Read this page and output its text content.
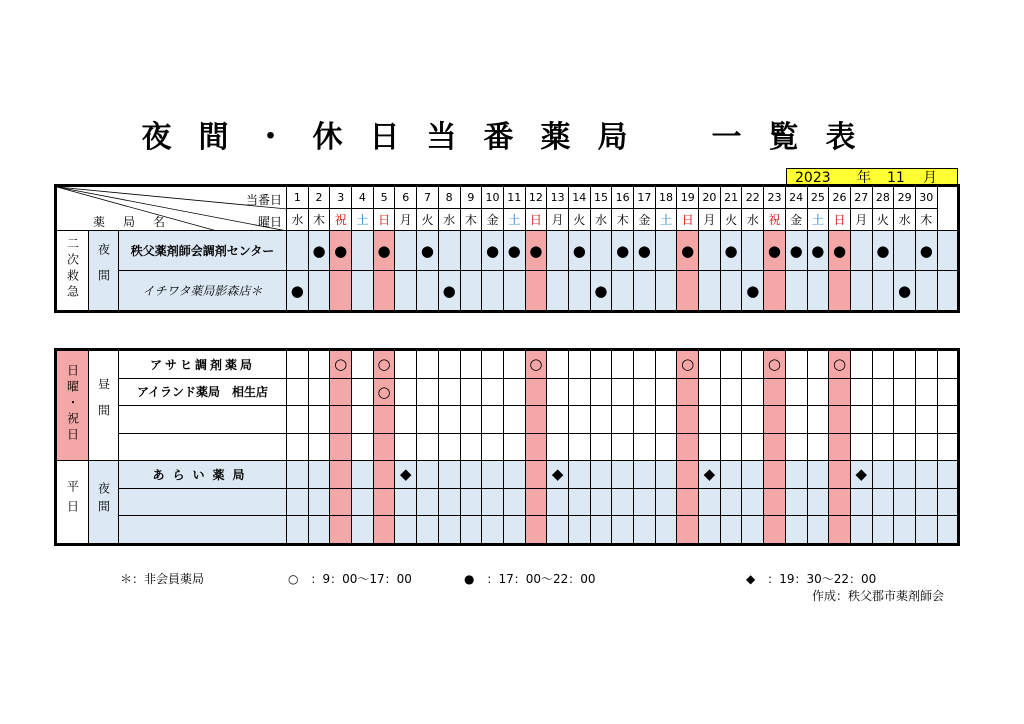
夜間・休日当番薬局　一覧表
2023 年 11 月
当番日
曜日
薬　局　名			1	2	3	4	5	6	7	8	9	10	11	12	13	14	15	16	17	18	19	20	21	22	23	24	25	26	27	28	29	30	
			水	木	祝	土	日	月	火	水	木	金	土	日	月	火	水	木	金	土	日	月	火	水	祝	金	土	日	月	火	水	木	
二次救急	夜間	秩父薬剤師会調剤センター		●	●		●		●			●	●	●		●		●	●		●		●		●	●	●	●		●		●	
		イチワタ薬局影森店＊	●							●							●							●							●		
日曜・祝日	昼間	アサヒ調剤薬局			○		○							○							○				○			○					
		アイランド薬局　相生店					○																										

平日	夜間	あらい薬局						◆							◆							◆							◆				

＊：非会員薬局	○　：9：00～17：00	●　：17：00～22：00	◆　：19：30～22：00
作成：秩父郡市薬剤師会
